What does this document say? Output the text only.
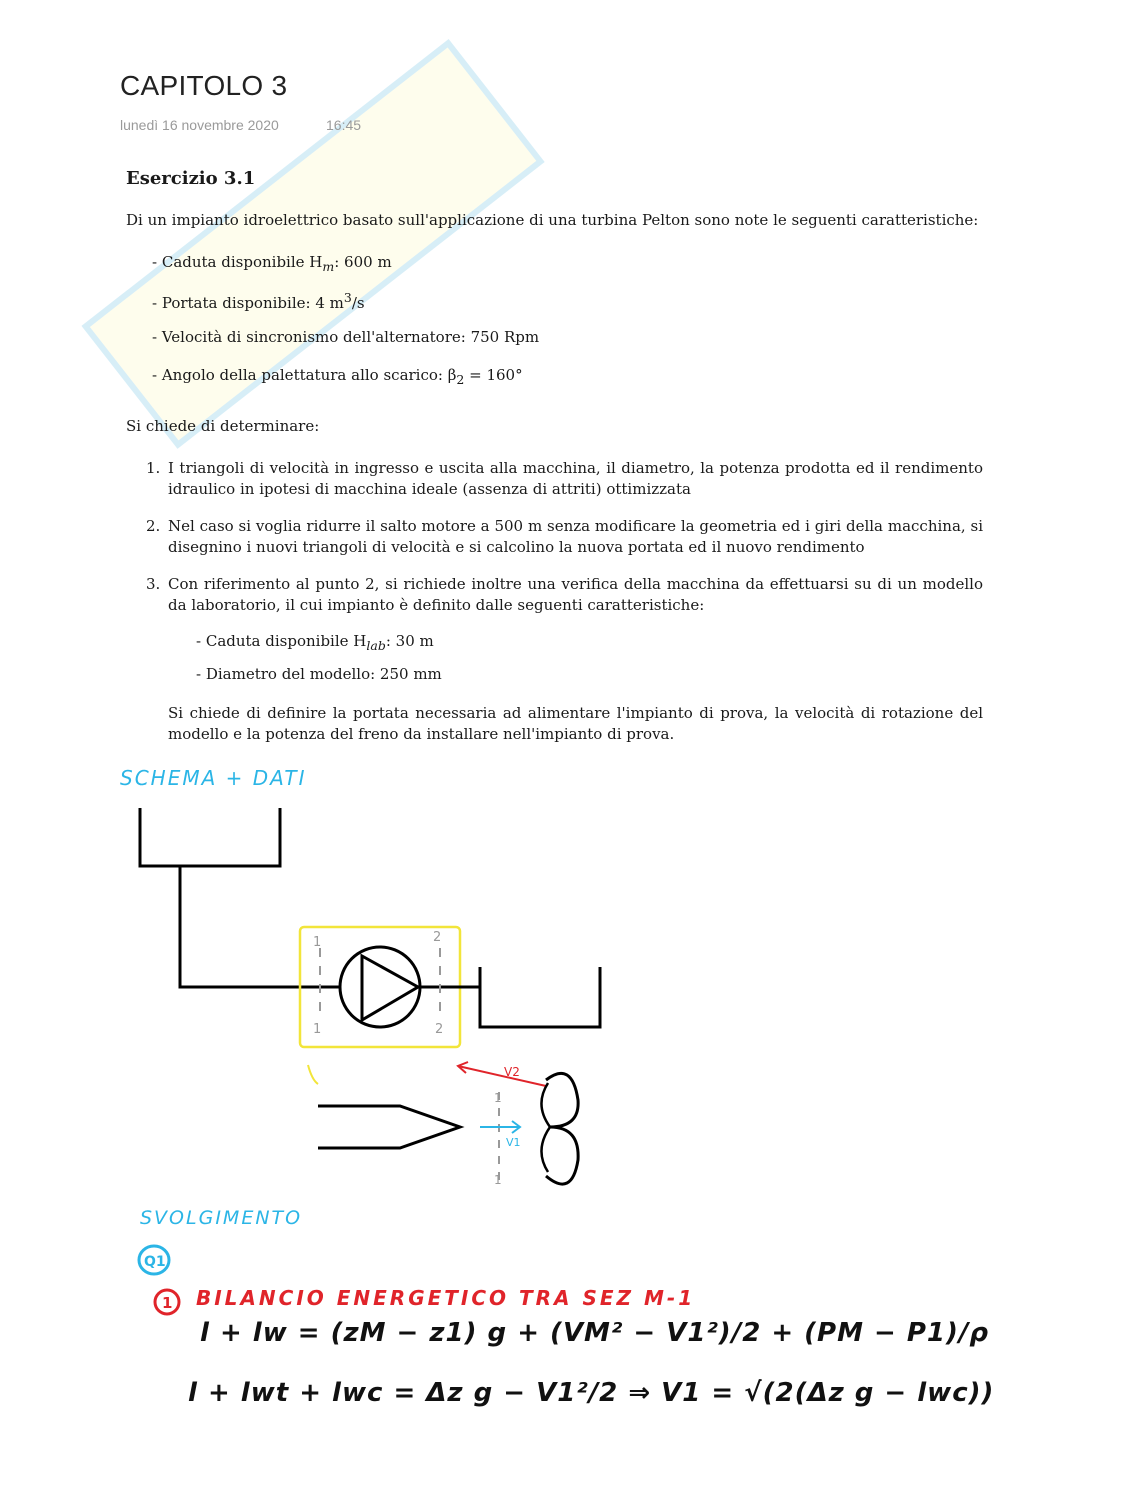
CAPITOLO 3
lunedì 16 novembre 2020	16:45
Esercizio 3.1
Di un impianto idroelettrico basato sull'applicazione di una turbina Pelton sono note le seguenti caratteristiche:
- Caduta disponibile $H_m$: 600 m
- Portata disponibile: 4 $m^3/s$
- Velocità di sincronismo dell'alternatore: 750 Rpm
- Angolo della palettatura allo scarico: $\beta_2 = 160^\circ$
Si chiede di determinare:
1. I triangoli di velocità in ingresso e uscita alla macchina, il diametro, la potenza prodotta ed il rendimento idraulico in ipotesi di macchina ideale (assenza di attriti) ottimizzata
2. Nel caso si voglia ridurre il salto motore a 500 m senza modificare la geometria ed i giri della macchina, si disegnino i nuovi triangoli di velocità e si calcolino la nuova portata ed il nuovo rendimento
3. Con riferimento al punto 2, si richiede inoltre una verifica della macchina da effettuarsi su di un modello da laboratorio, il cui impianto è definito dalle seguenti caratteristiche:
- Caduta disponibile $H_{lab}$: 30 m
- Diametro del modello: 250 mm
Si chiede di definire la portata necessaria ad alimentare l'impianto di prova, la velocità di rotazione del modello e la potenza del freno da installare nell'impianto di prova.
SCHEMA + DATI
1
1
2
2
1
1
V1
V2
SVOLGIMENTO
Q1
1 BILANCIO ENERGETICO TRA SEZ M-1
l + lw = (zM − z1) g + (VM² − V1²)/2 + (PM − P1)/ρ
l + lwt + lwc = Δz g − V1²/2 ⇒ V1 = √(2(Δz g − lwc))
